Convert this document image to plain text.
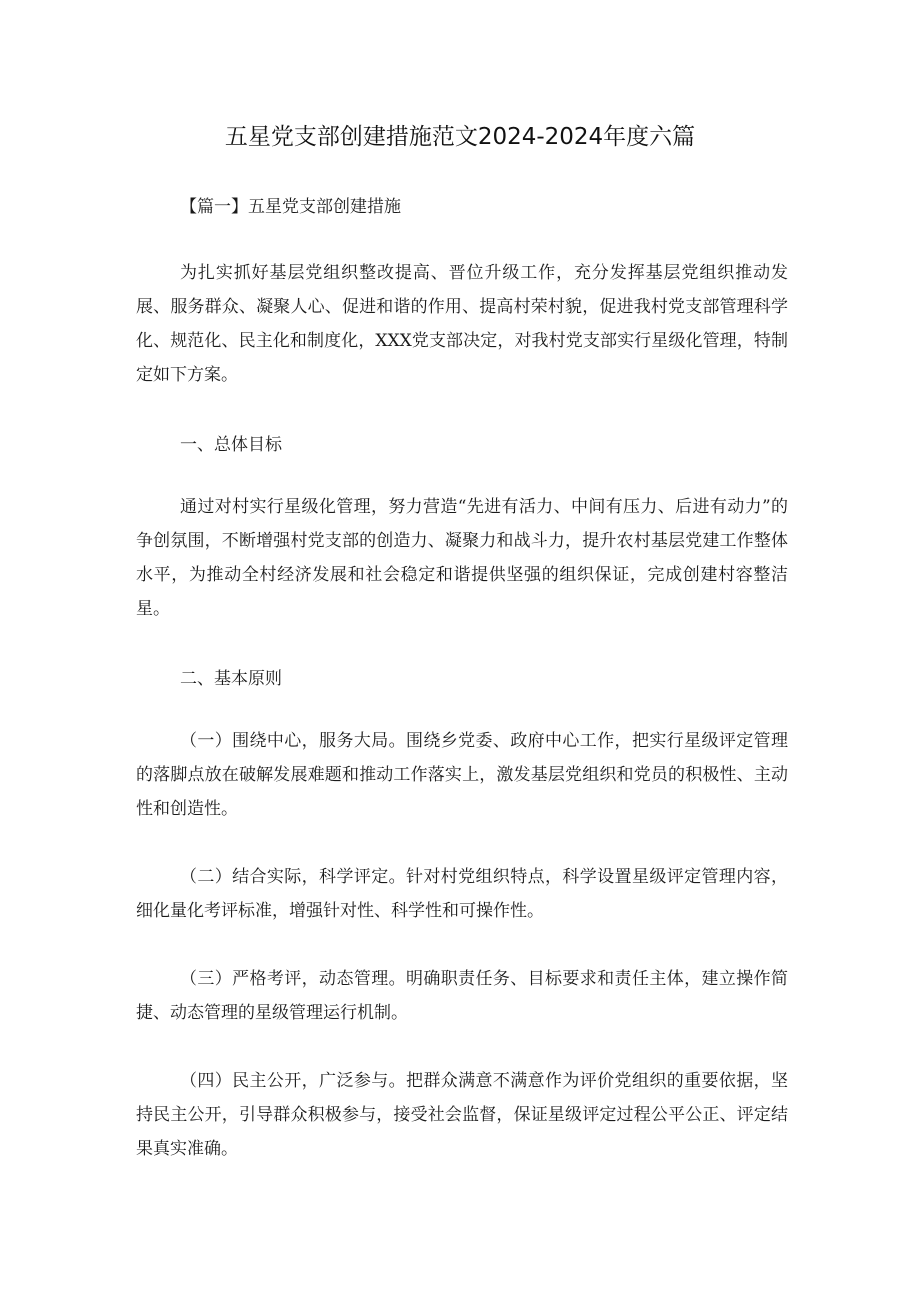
五星党支部创建措施范文2024-2024年度六篇

【篇一】五星党支部创建措施

为扎实抓好基层党组织整改提高、晋位升级工作，充分发挥基层党组织推动发展、服务群众、凝聚人心、促进和谐的作用、提高村荣村貌，促进我村党支部管理科学化、规范化、民主化和制度化，XXX党支部决定，对我村党支部实行星级化管理，特制定如下方案。

一、总体目标

通过对村实行星级化管理，努力营造“先进有活力、中间有压力、后进有动力”的争创氛围，不断增强村党支部的创造力、凝聚力和战斗力，提升农村基层党建工作整体水平，为推动全村经济发展和社会稳定和谐提供坚强的组织保证，完成创建村容整洁星。

二、基本原则

（一）围绕中心，服务大局。围绕乡党委、政府中心工作，把实行星级评定管理的落脚点放在破解发展难题和推动工作落实上，激发基层党组织和党员的积极性、主动性和创造性。

（二）结合实际，科学评定。针对村党组织特点，科学设置星级评定管理内容，细化量化考评标准，增强针对性、科学性和可操作性。

（三）严格考评，动态管理。明确职责任务、目标要求和责任主体，建立操作简捷、动态管理的星级管理运行机制。

（四）民主公开，广泛参与。把群众满意不满意作为评价党组织的重要依据，坚持民主公开，引导群众积极参与，接受社会监督，保证星级评定过程公平公正、评定结果真实准确。
